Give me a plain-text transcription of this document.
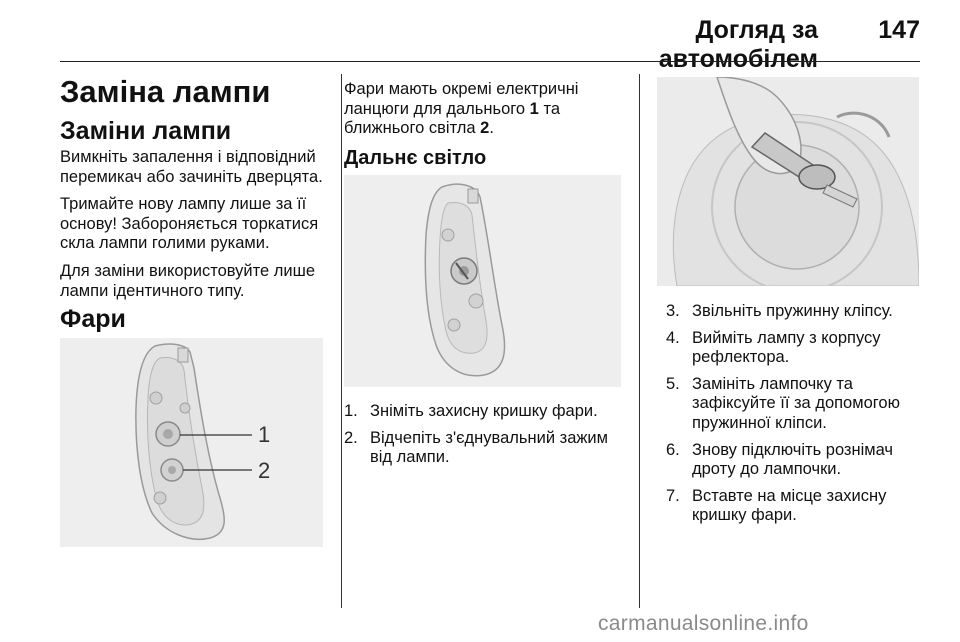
Догляд за автомобілем
147
Заміна лампи
Заміни лампи

Вимкніть запалення і відповідний перемикач або зачиніть дверцята.

Тримайте нову лампу лише за її основу! Забороняється торкатися скла лампи голими руками.

Для заміни використовуйте лише лампи ідентичного типу.

Фари
1
2

Фари мають окремі електричні ланцюги для дальнього 1 та ближнього світла 2.

Дальнє світло
1. Зніміть захисну кришку фари.
2. Відчепіть з'єднувальний зажим від лампи.
3. Звільніть пружинну кліпсу.
4. Вийміть лампу з корпусу рефлектора.
5. Замініть лампочку та зафіксуйте її за допомогою пружинної кліпси.
6. Знову підключіть рознімач дроту до лампочки.
7. Вставте на місце захисну кришку фари.
carmanualsonline.info
